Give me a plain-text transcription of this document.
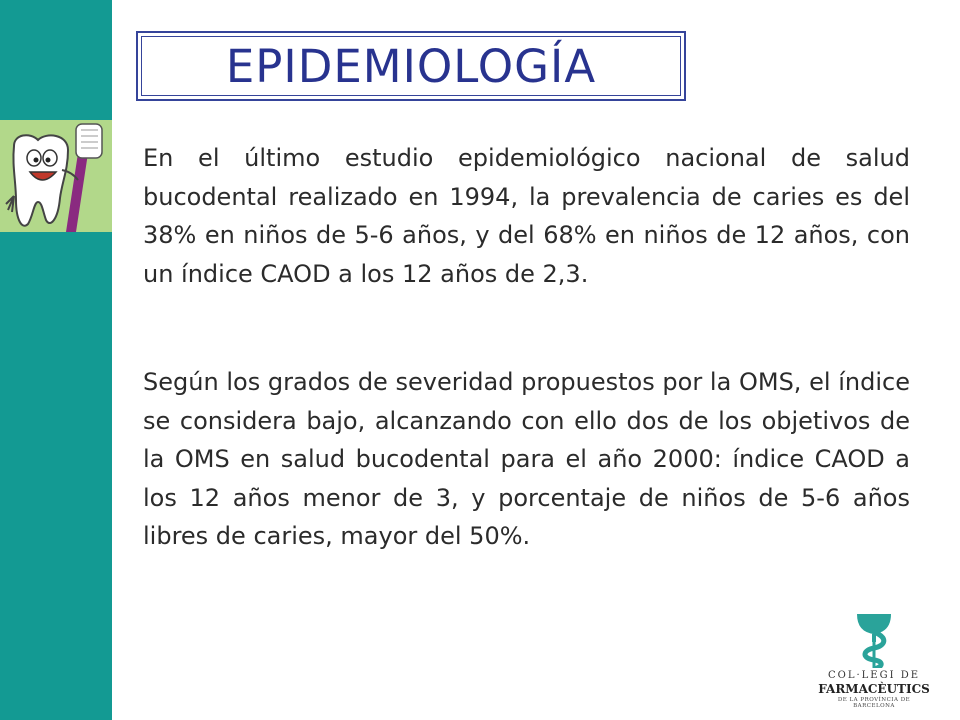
EPIDEMIOLOGÍA

En el último estudio epidemiológico nacional de salud bucodental realizado en 1994, la prevalencia de caries es del 38% en niños de 5-6 años, y del 68% en niños de 12 años, con un índice CAOD a los 12 años de 2,3.

Según los grados de severidad propuestos por la OMS, el índice se considera bajo, alcanzando con ello dos de los objetivos de la OMS en salud bucodental para el año 2000: índice CAOD a los 12 años menor de 3, y porcentaje de niños de 5-6 años libres de caries, mayor del 50%.

COL·LEGI DE
FARMACÈUTICS
DE LA PROVÍNCIA DE BARCELONA
